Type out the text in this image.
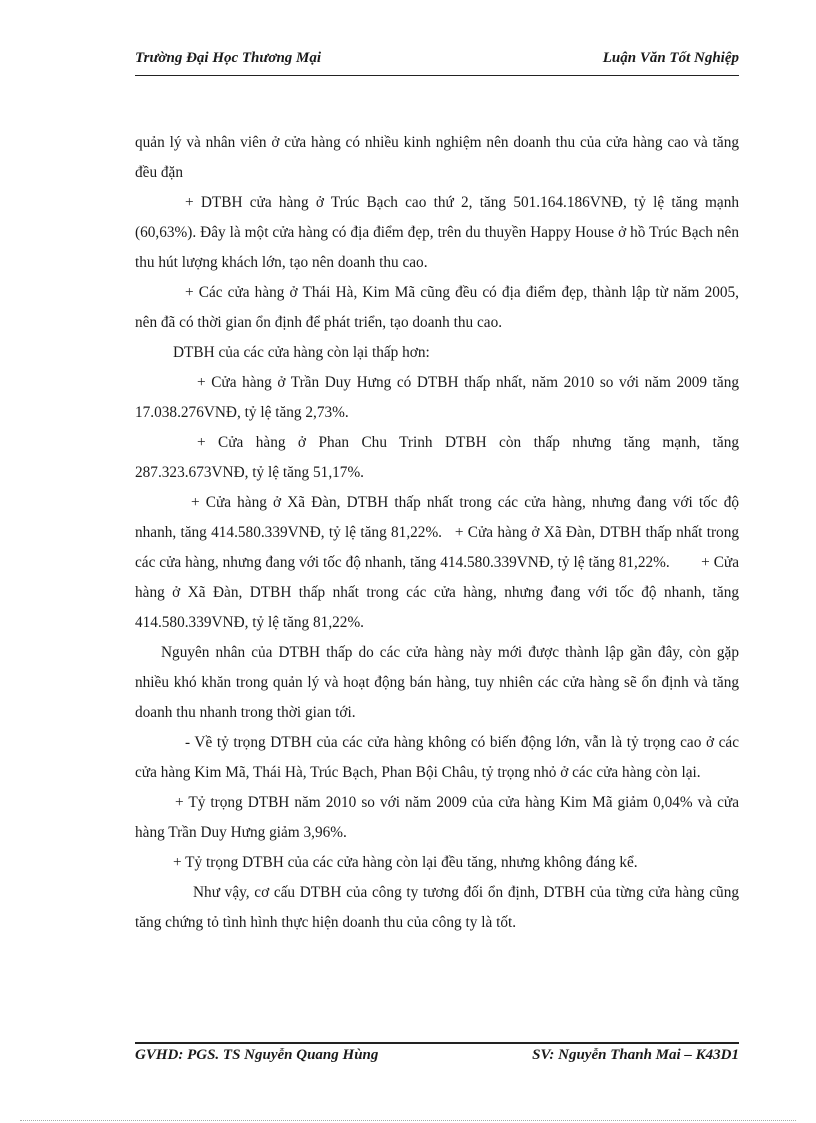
Trường Đại Học Thương Mại	Luận Văn Tốt Nghiệp

quản lý và nhân viên ở cửa hàng có nhiều kinh nghiệm nên doanh thu của cửa hàng cao và tăng đều đặn

+ DTBH cửa hàng ở Trúc Bạch cao thứ 2, tăng 501.164.186VNĐ, tỷ lệ tăng mạnh (60,63%). Đây là một cửa hàng có địa điểm đẹp, trên du thuyền Happy House ở hồ Trúc Bạch nên thu hút lượng khách lớn, tạo nên doanh thu cao.

+ Các cửa hàng ở Thái Hà, Kim Mã cũng đều có địa điểm đẹp, thành lập từ năm 2005, nên đã có thời gian ổn định để phát triển, tạo doanh thu cao.

DTBH của các cửa hàng còn lại thấp hơn:

+ Cửa hàng ở Trần Duy Hưng có DTBH thấp nhất, năm 2010 so với năm 2009 tăng 17.038.276VNĐ, tỷ lệ tăng 2,73%.

+ Cửa hàng ở Phan Chu Trinh DTBH còn thấp nhưng tăng mạnh, tăng 287.323.673VNĐ, tỷ lệ tăng 51,17%.

+ Cửa hàng ở Xã Đàn, DTBH thấp nhất trong các cửa hàng, nhưng đang với tốc độ nhanh, tăng 414.580.339VNĐ, tỷ lệ tăng 81,22%.   + Cửa hàng ở Xã Đàn, DTBH thấp nhất trong các cửa hàng, nhưng đang với tốc độ nhanh, tăng 414.580.339VNĐ, tỷ lệ tăng 81,22%.        + Cửa hàng ở Xã Đàn, DTBH thấp nhất trong các cửa hàng, nhưng đang với tốc độ nhanh, tăng 414.580.339VNĐ, tỷ lệ tăng 81,22%.

Nguyên nhân của DTBH thấp do các cửa hàng này mới được thành lập gần đây, còn gặp nhiều khó khăn trong quản lý và hoạt động bán hàng, tuy nhiên các cửa hàng sẽ ổn định và tăng doanh thu nhanh trong thời gian tới.

- Về tỷ trọng DTBH của các cửa hàng không có biến động lớn, vẫn là tỷ trọng cao ở các cửa hàng Kim Mã, Thái Hà, Trúc Bạch, Phan Bội Châu, tỷ trọng nhỏ ở các cửa hàng còn lại.

+ Tỷ trọng DTBH năm 2010 so với năm 2009 của cửa hàng Kim Mã giảm 0,04% và cửa hàng Trần Duy Hưng giảm 3,96%.

+ Tỷ trọng DTBH của các cửa hàng còn lại đều tăng, nhưng không đáng kể.

Như vậy, cơ cấu DTBH của công ty tương đối ổn định, DTBH của từng cửa hàng cũng tăng chứng tỏ tình hình thực hiện doanh thu của công ty là tốt.

GVHD: PGS. TS Nguyễn Quang Hùng	SV: Nguyễn Thanh Mai – K43D1
